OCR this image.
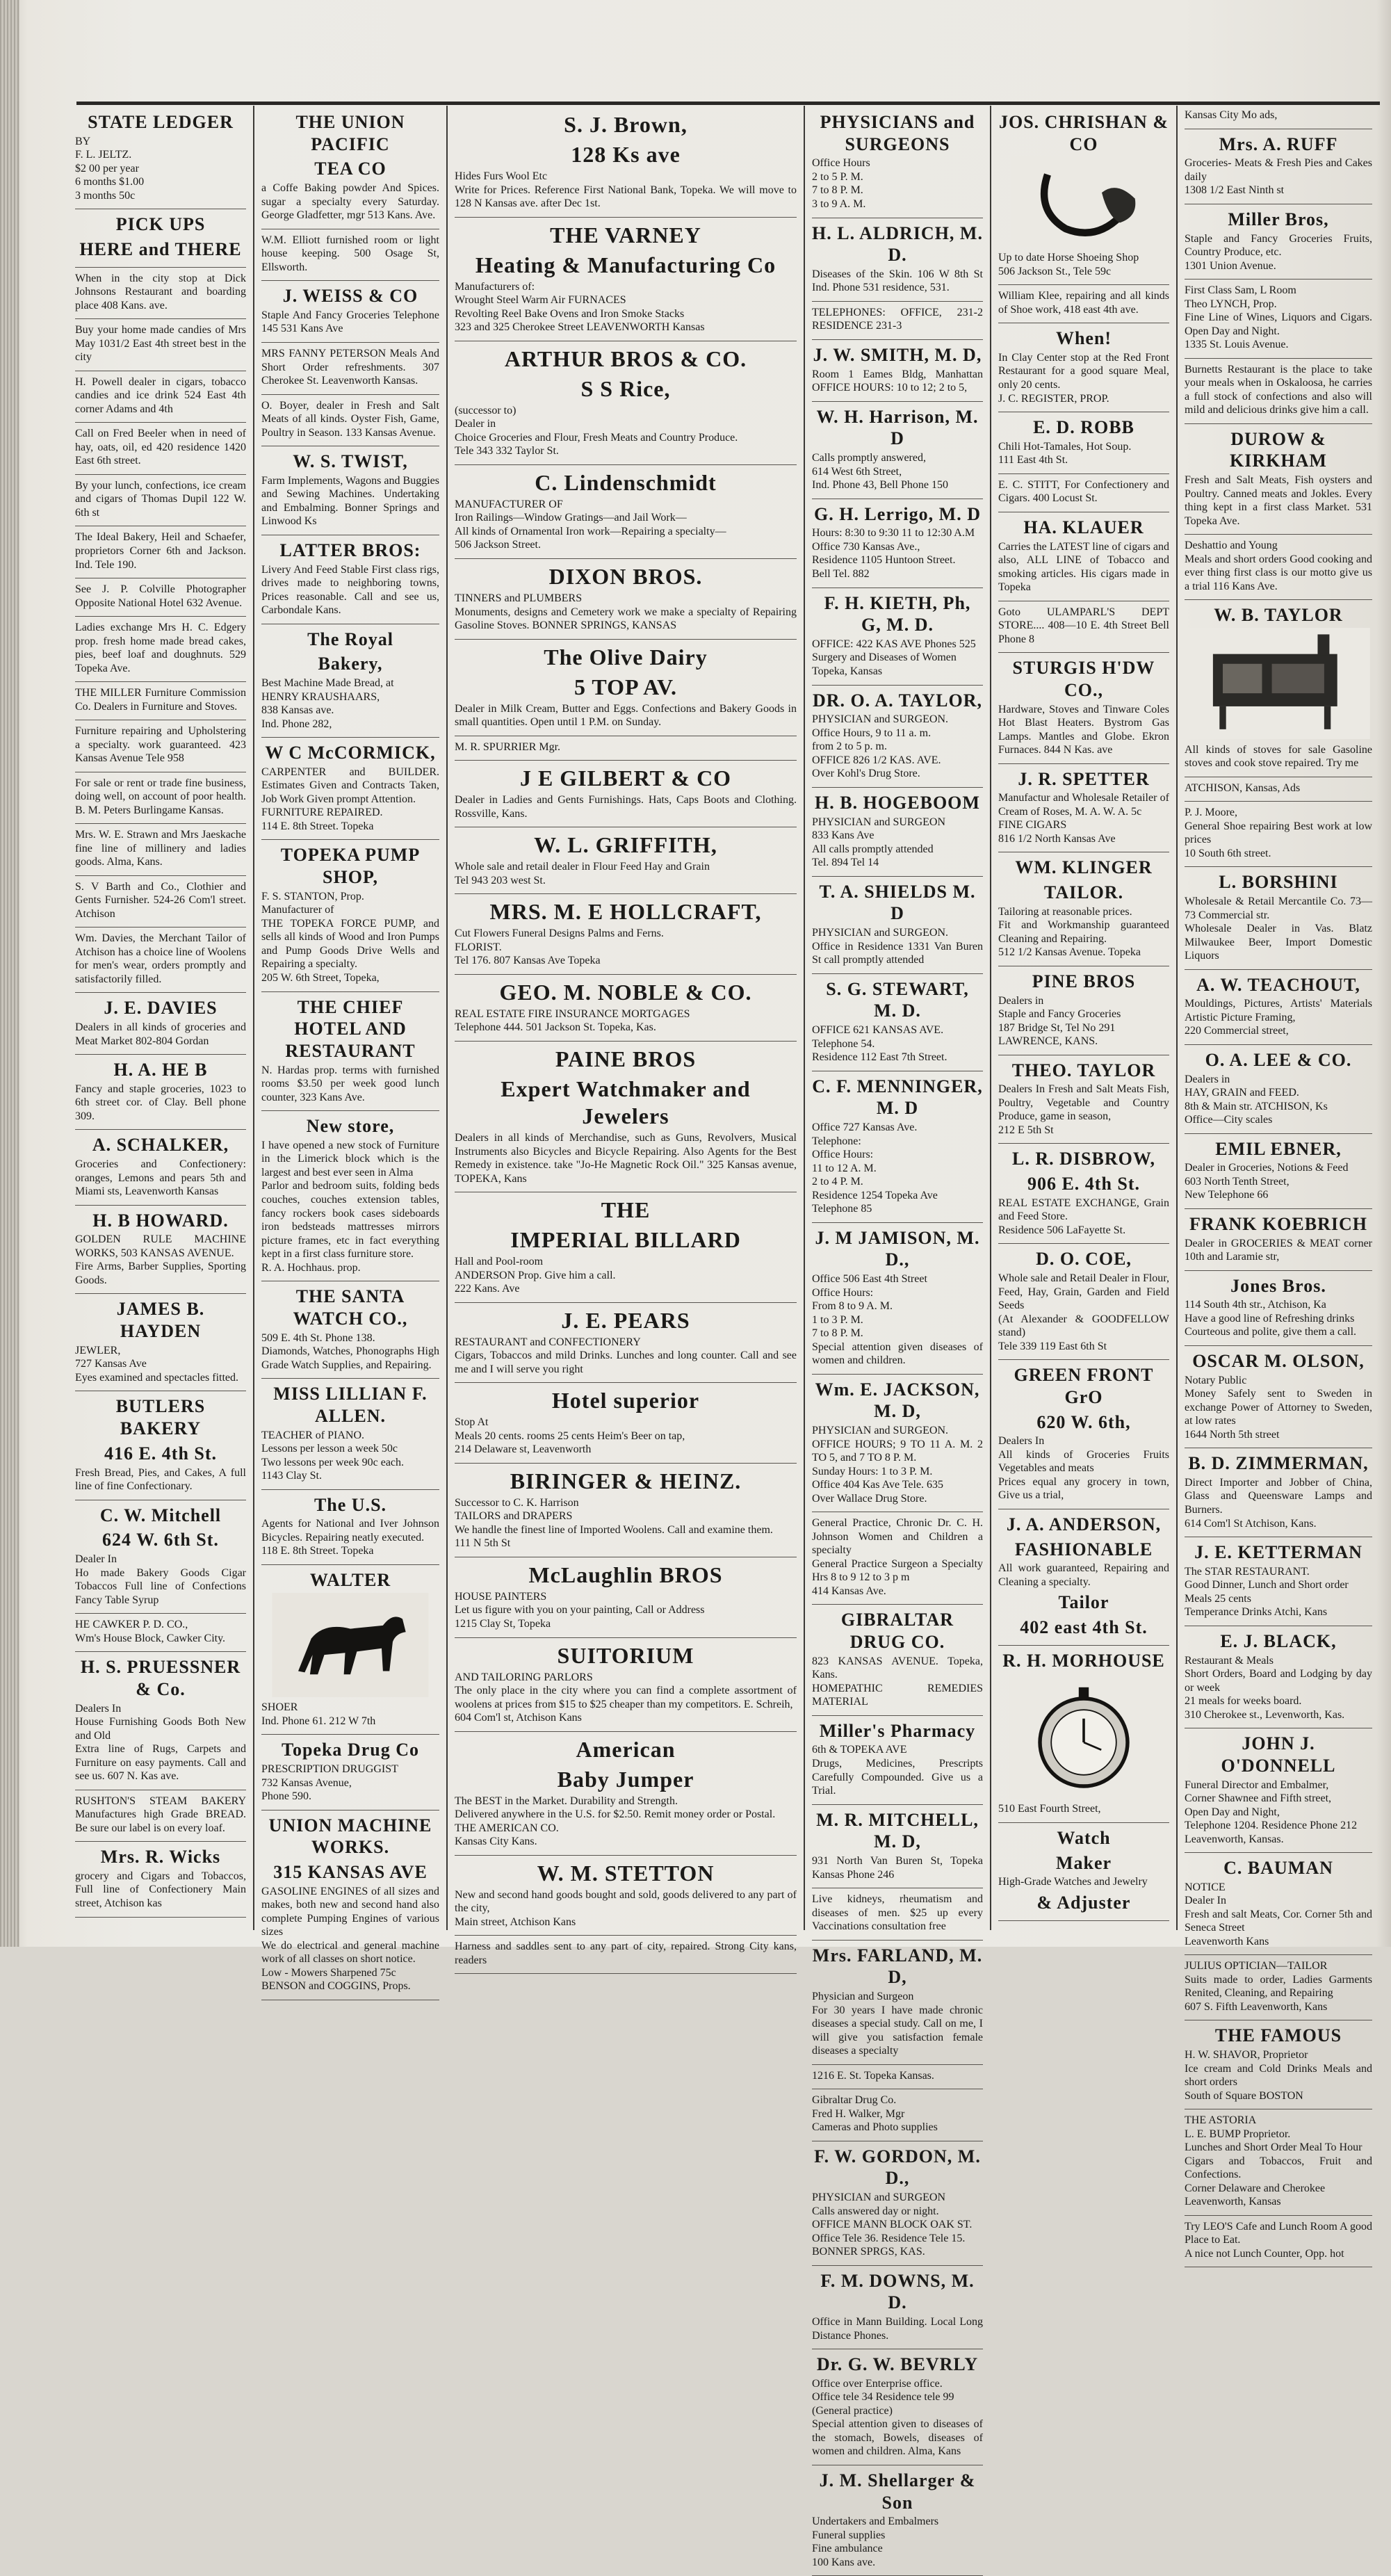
STATE LEDGER

BY

F. L. JELTZ.

$2 00 per year

6 months $1.00

3 months 50c

PICK UPS
HERE and THERE

When in the city stop at Dick Johnsons Restaurant and boarding place 408 Kans. ave.

Buy your home made candies of Mrs May 1031/2 East 4th street best in the city

H. Powell dealer in cigars, tobacco candies and ice drink 524 East 4th corner Adams and 4th

Call on Fred Beeler when in need of hay, oats, oil, ed 420 residence 1420 East 6th street.

By your lunch, confections, ice cream and cigars of Thomas Dupil 122 W. 6th st

The Ideal Bakery, Heil and Schaefer, proprietors Corner 6th and Jackson. Ind. Tele 190.

See J. P. Colville Photographer Opposite National Hotel 632 Avenue.

Ladies exchange Mrs H. C. Edgery prop. fresh home made bread cakes, pies, beef loaf and doughnuts. 529 Topeka Ave.

THE MILLER Furniture Commission Co. Dealers in Furniture and Stoves.

Furniture repairing and Upholstering a specialty. work guaranteed. 423 Kansas Avenue Tele 958

For sale or rent or trade fine business, doing well, on account of poor health. B. M. Peters Burlingame Kansas.

Mrs. W. E. Strawn and Mrs Jaeskache fine line of millinery and ladies goods. Alma, Kans.

S. V Barth and Co., Clothier and Gents Furnisher. 524-26 Com'l street. Atchison

Wm. Davies, the Merchant Tailor of Atchison has a choice line of Woolens for men's wear, orders promptly and satisfactorily filled.

J. E. DAVIES

Dealers in all kinds of groceries and Meat Market 802-804 Gordan

H. A. HE B

Fancy and staple groceries, 1023 to 6th street cor. of Clay. Bell phone 309.

A. SCHALKER,

Groceries and Confectionery: oranges, Lemons and pears 5th and Miami sts, Leavenworth Kansas

H. B HOWARD.

GOLDEN RULE MACHINE WORKS, 503 KANSAS AVENUE.

Fire Arms, Barber Supplies, Sporting Goods.

JAMES B. HAYDEN

JEWLER,

727 Kansas Ave

Eyes examined and spectacles fitted.

BUTLERS BAKERY
416 E. 4th St.

Fresh Bread, Pies, and Cakes, A full line of fine Confectionary.

C. W. Mitchell
624 W. 6th St.

Dealer In

Ho made Bakery Goods Cigar Tobaccos Full line of Confections Fancy Table Syrup

HE CAWKER P. D. CO.,

Wm's House Block, Cawker City.

H. S. PRUESSNER & Co.

Dealers In

House Furnishing Goods Both New and Old

Extra line of Rugs, Carpets and Furniture on easy payments. Call and see us. 607 N. Kas ave.

RUSHTON'S STEAM BAKERY Manufactures high Grade BREAD. Be sure our label is on every loaf.

Mrs. R. Wicks

grocery and Cigars and Tobaccos, Full line of Confectionery Main street, Atchison kas

THE UNION PACIFIC
TEA CO

a Coffe Baking powder And Spices. sugar a specialty every Saturday. George Gladfetter, mgr 513 Kans. Ave.

W.M. Elliott furnished room or light house keeping. 500 Osage St, Ellsworth.

J. WEISS & CO

Staple And Fancy Groceries Telephone 145 531 Kans Ave

MRS FANNY PETERSON Meals And Short Order refreshments. 307 Cherokee St. Leavenworth Kansas.

O. Boyer, dealer in Fresh and Salt Meats of all kinds. Oyster Fish, Game, Poultry in Season. 133 Kansas Avenue.

W. S. TWIST,

Farm Implements, Wagons and Buggies and Sewing Machines. Undertaking and Embalming. Bonner Springs and Linwood Ks

LATTER BROS:

Livery And Feed Stable First class rigs, drives made to neighboring towns, Prices reasonable. Call and see us, Carbondale Kans.

The Royal
Bakery,

Best Machine Made Bread, at

HENRY KRAUSHAARS,

838 Kansas ave.

Ind. Phone 282,

W C McCORMICK,

CARPENTER and BUILDER. Estimates Given and Contracts Taken, Job Work Given prompt Attention.

FURNITURE REPAIRED.

114 E. 8th Street. Topeka

TOPEKA PUMP SHOP,

F. S. STANTON, Prop.

Manufacturer of

THE TOPEKA FORCE PUMP, and sells all kinds of Wood and Iron Pumps and Pump Goods Drive Wells and Repairing a specialty.

205 W. 6th Street, Topeka,

THE CHIEF HOTEL AND RESTAURANT

N. Hardas prop. terms with furnished rooms $3.50 per week good lunch counter, 323 Kans Ave.

New store,

I have opened a new stock of Furniture in the Limerick block which is the largest and best ever seen in Alma

Parlor and bedroom suits, folding beds couches, couches extension tables, fancy rockers book cases sideboards iron bedsteads mattresses mirrors picture frames, etc in fact everything kept in a first class furniture store.

R. A. Hochhaus. prop.

THE SANTA WATCH CO.,

509 E. 4th St. Phone 138.

Diamonds, Watches, Phonographs High Grade Watch Supplies, and Repairing.

MISS LILLIAN F. ALLEN.

TEACHER of PIANO.

Lessons per lesson a week 50c

Two lessons per week 90c each.

1143 Clay St.

The U.S.

Agents for National and Iver Johnson Bicycles. Repairing neatly executed.

118 E. 8th Street. Topeka

WALTER

SHOER

Ind. Phone 61. 212 W 7th

Topeka Drug Co

PRESCRIPTION DRUGGIST

732 Kansas Avenue,

Phone 590.

UNION MACHINE WORKS.
315 KANSAS AVE

GASOLINE ENGINES of all sizes and makes, both new and second hand also complete Pumping Engines of various sizes

We do electrical and general machine work of all classes on short notice.

Low - Mowers Sharpened 75c

BENSON and COGGINS, Props.

S. J. Brown,
128 Ks ave

Hides Furs Wool Etc

Write for Prices. Reference First National Bank, Topeka. We will move to 128 N Kansas ave. after Dec 1st.

THE VARNEY
Heating & Manufacturing Co

Manufacturers of:

Wrought Steel Warm Air FURNACES

Revolting Reel Bake Ovens and Iron Smoke Stacks

323 and 325 Cherokee Street LEAVENWORTH Kansas

ARTHUR BROS & CO.
S S Rice,

(successor to)

Dealer in

Choice Groceries and Flour, Fresh Meats and Country Produce.

Tele 343 332 Taylor St.

C. Lindenschmidt

MANUFACTURER OF

Iron Railings—Window Gratings—and Jail Work—

All kinds of Ornamental Iron work—Repairing a specialty—

506 Jackson Street.

DIXON BROS.

TINNERS and PLUMBERS

Monuments, designs and Cemetery work we make a specialty of Repairing Gasoline Stoves. BONNER SPRINGS, KANSAS

The Olive Dairy
5 TOP AV.

Dealer in Milk Cream, Butter and Eggs. Confections and Bakery Goods in small quantities. Open until 1 P.M. on Sunday.

M. R. SPURRIER Mgr.

J E GILBERT & CO

Dealer in Ladies and Gents Furnishings. Hats, Caps Boots and Clothing. Rossville, Kans.

W. L. GRIFFITH,

Whole sale and retail dealer in Flour Feed Hay and Grain

Tel 943 203 west St.

MRS. M. E HOLLCRAFT,

Cut Flowers Funeral Designs Palms and Ferns.

FLORIST.

Tel 176. 807 Kansas Ave Topeka

GEO. M. NOBLE & CO.

REAL ESTATE FIRE INSURANCE MORTGAGES

Telephone 444. 501 Jackson St. Topeka, Kas.

PAINE BROS
Expert Watchmaker and Jewelers

Dealers in all kinds of Merchandise, such as Guns, Revolvers, Musical Instruments also Bicycles and Bicycle Repairing. Also Agents for the Best Remedy in existence. take "Jo-He Magnetic Rock Oil." 325 Kansas avenue, TOPEKA, Kans

THE
IMPERIAL BILLARD

Hall and Pool-room

ANDERSON Prop. Give him a call.

222 Kans. Ave

J. E. PEARS

RESTAURANT and CONFECTIONERY

Cigars, Tobaccos and mild Drinks. Lunches and long counter. Call and see me and I will serve you right

Hotel superior

Stop At

Meals 20 cents. rooms 25 cents Heim's Beer on tap,

214 Delaware st, Leavenworth

BIRINGER & HEINZ.

Successor to C. K. Harrison

TAILORS and DRAPERS

We handle the finest line of Imported Woolens. Call and examine them.

111 N 5th St

McLaughlin BROS

HOUSE PAINTERS

Let us figure with you on your painting, Call or Address

1215 Clay St, Topeka

SUITORIUM

AND TAILORING PARLORS

The only place in the city where you can find a complete assortment of woolens at prices from $15 to $25 cheaper than my competitors. E. Schreih,

604 Com'l st, Atchison Kans

American
Baby Jumper

The BEST in the Market. Durability and Strength.

Delivered anywhere in the U.S. for $2.50. Remit money order or Postal.

THE AMERICAN CO.

Kansas City Kans.

W. M. STETTON

New and second hand goods bought and sold, goods delivered to any part of the city,

Main street, Atchison Kans

Harness and saddles sent to any part of city, repaired. Strong City kans, readers

PHYSICIANS and SURGEONS

Office Hours

2 to 5 P. M.

7 to 8 P. M.

3 to 9 A. M.

H. L. ALDRICH, M. D.

Diseases of the Skin. 106 W 8th St Ind. Phone 531 residence, 531.

TELEPHONES: OFFICE, 231-2 RESIDENCE 231-3

J. W. SMITH, M. D,

Room 1 Eames Bldg, Manhattan OFFICE HOURS: 10 to 12; 2 to 5,

W. H. Harrison, M. D

Calls promptly answered,

614 West 6th Street,

Ind. Phone 43, Bell Phone 150

G. H. Lerrigo, M. D

Hours: 8:30 to 9:30 11 to 12:30 A.M

Office 730 Kansas Ave.,

Residence 1105 Huntoon Street.

Bell Tel. 882

F. H. KIETH, Ph, G, M. D.

OFFICE: 422 KAS AVE Phones 525

Surgery and Diseases of Women

Topeka, Kansas

DR. O. A. TAYLOR,

PHYSICIAN and SURGEON.

Office Hours, 9 to 11 a. m.

from 2 to 5 p. m.

OFFICE 826 1/2 KAS. AVE.

Over Kohl's Drug Store.

H. B. HOGEBOOM

PHYSICIAN and SURGEON

833 Kans Ave

All calls promptly attended

Tel. 894 Tel 14

T. A. SHIELDS M. D

PHYSICIAN and SURGEON.

Office in Residence 1331 Van Buren St call promptly attended

S. G. STEWART, M. D.

OFFICE 621 KANSAS AVE.

Telephone 54.

Residence 112 East 7th Street.

C. F. MENNINGER, M. D

Office 727 Kansas Ave.

Telephone:

Office Hours:

11 to 12 A. M.

2 to 4 P. M.

Residence 1254 Topeka Ave

Telephone 85

J. M JAMISON, M. D.,

Office 506 East 4th Street

Office Hours:

From 8 to 9 A. M.

1 to 3 P. M.

7 to 8 P. M.

Special attention given diseases of women and children.

Wm. E. JACKSON, M. D,

PHYSICIAN and SURGEON.

OFFICE HOURS; 9 TO 11 A. M. 2 TO 5, and 7 TO 8 P. M.

Sunday Hours: 1 to 3 P. M.

Office 404 Kas Ave Tele. 635

Over Wallace Drug Store.

General Practice, Chronic Dr. C. H. Johnson Women and Children a specialty

General Practice Surgeon a Specialty Hrs 8 to 9 12 to 3 p m

414 Kansas Ave.

GIBRALTAR DRUG CO.

823 KANSAS AVENUE. Topeka, Kans.

HOMEPATHIC REMEDIES MATERIAL

Miller's Pharmacy

6th & TOPEKA AVE

Drugs, Medicines, Prescripts Carefully Compounded. Give us a Trial.

M. R. MITCHELL, M. D,

931 North Van Buren St, Topeka Kansas Phone 246

Live kidneys, rheumatism and diseases of men. $25 up every Vaccinations consultation free

Mrs. FARLAND, M. D,

Physician and Surgeon

For 30 years I have made chronic diseases a special study. Call on me, I will give you satisfaction female diseases a specialty

1216 E. St. Topeka Kansas.

Gibraltar Drug Co.

Fred H. Walker, Mgr

Cameras and Photo supplies

F. W. GORDON, M. D.,

PHYSICIAN and SURGEON

Calls answered day or night.

OFFICE MANN BLOCK OAK ST.

Office Tele 36. Residence Tele 15.

BONNER SPRGS, KAS.

F. M. DOWNS, M. D.

Office in Mann Building. Local Long Distance Phones.

Dr. G. W. BEVRLY

Office over Enterprise office.

Office tele 34 Residence tele 99

(General practice)

Special attention given to diseases of the stomach, Bowels, diseases of women and children. Alma, Kans

J. M. Shellarger & Son

Undertakers and Embalmers

Funeral supplies

Fine ambulance

100 Kans ave.

JOS. CHRISHAN & CO

Up to date Horse Shoeing Shop

506 Jackson St., Tele 59c

William Klee, repairing and all kinds of Shoe work, 418 east 4th ave.

When!

In Clay Center stop at the Red Front Restaurant for a good square Meal, only 20 cents.

J. C. REGISTER, PROP.

E. D. ROBB

Chili Hot-Tamales, Hot Soup.

111 East 4th St.

E. C. STITT, For Confectionery and Cigars. 400 Locust St.

HA. KLAUER

Carries the LATEST line of cigars and also, ALL LINE of Tobacco and smoking articles. His cigars made in Topeka

Goto ULAMPARL'S DEPT STORE.... 408—10 E. 4th Street Bell Phone 8

STURGIS H'DW CO.,

Hardware, Stoves and Tinware Coles Hot Blast Heaters. Bystrom Gas Lamps. Mantles and Globe. Ekron Furnaces. 844 N Kas. ave

J. R. SPETTER

Manufactur and Wholesale Retailer of Cream of Roses, M. A. W. A. 5c

FINE CIGARS

816 1/2 North Kansas Ave

WM. KLINGER
TAILOR.

Tailoring at reasonable prices.

Fit and Workmanship guaranteed Cleaning and Repairing.

512 1/2 Kansas Avenue. Topeka

PINE BROS

Dealers in

Staple and Fancy Groceries

187 Bridge St, Tel No 291

LAWRENCE, KANS.

THEO. TAYLOR

Dealers In Fresh and Salt Meats Fish, Poultry, Vegetable and Country Produce, game in season,

212 E 5th St

L. R. DISBROW,
906 E. 4th St.

REAL ESTATE EXCHANGE, Grain and Feed Store.

Residence 506 LaFayette St.

D. O. COE,

Whole sale and Retail Dealer in Flour, Feed, Hay, Grain, Garden and Field Seeds

(At Alexander & GOODFELLOW stand)

Tele 339 119 East 6th St

GREEN FRONT GrO
620 W. 6th,

Dealers In

All kinds of Groceries Fruits Vegetables and meats

Prices equal any grocery in town, Give us a trial,

J. A. ANDERSON,
FASHIONABLE

All work guaranteed, Repairing and Cleaning a specialty.

Tailor
402 east 4th St.
R. H. MORHOUSE

510 East Fourth Street,

Watch
Maker

High-Grade Watches and Jewelry

& Adjuster

Kansas City Mo ads,

Mrs. A. RUFF

Groceries- Meats & Fresh Pies and Cakes daily

1308 1/2 East Ninth st

Miller Bros,

Staple and Fancy Groceries Fruits, Country Produce, etc.

1301 Union Avenue.

First Class Sam, L Room

Theo LYNCH, Prop.

Fine Line of Wines, Liquors and Cigars. Open Day and Night.

1335 St. Louis Avenue.

Burnetts Restaurant is the place to take your meals when in Oskaloosa, he carries a full stock of confections and also will mild and delicious drinks give him a call.

DUROW & KIRKHAM

Fresh and Salt Meats, Fish oysters and Poultry. Canned meats and Jokles. Every thing kept in a first class Market. 531 Topeka Ave.

Deshattio and Young

Meals and short orders Good cooking and ever thing first class is our motto give us a trial 116 Kans Ave.

W. B. TAYLOR

All kinds of stoves for sale Gasoline stoves and cook stove repaired. Try me

ATCHISON, Kansas, Ads

P. J. Moore,

General Shoe repairing Best work at low prices

10 South 6th street.

L. BORSHINI

Wholesale & Retail Mercantile Co. 73—73 Commercial str.

Wholesale Dealer in Vas. Blatz Milwaukee Beer, Import Domestic Liquors

A. W. TEACHOUT,

Mouldings, Pictures, Artists' Materials Artistic Picture Framing,

220 Commercial street,

O. A. LEE & CO.

Dealers in

HAY, GRAIN and FEED.

8th & Main str. ATCHISON, Ks

Office—City scales

EMIL EBNER,

Dealer in Groceries, Notions & Feed

603 North Tenth Street,

New Telephone 66

FRANK KOEBRICH

Dealer in GROCERIES & MEAT corner 10th and Laramie str,

Jones Bros.

114 South 4th str., Atchison, Ka

Have a good line of Refreshing drinks

Courteous and polite, give them a call.

OSCAR M. OLSON,

Notary Public

Money Safely sent to Sweden in exchange Power of Attorney to Sweden, at low rates

1644 North 5th street

B. D. ZIMMERMAN,

Direct Importer and Jobber of China, Glass and Queensware Lamps and Burners.

614 Com'l St Atchison, Kans.

J. E. KETTERMAN

The STAR RESTAURANT.

Good Dinner, Lunch and Short order

Meals 25 cents

Temperance Drinks Atchi, Kans

E. J. BLACK,

Restaurant & Meals

Short Orders, Board and Lodging by day or week

21 meals for weeks board.

310 Cherokee st., Levenworth, Kas.

JOHN J. O'DONNELL

Funeral Director and Embalmer,

Corner Shawnee and Fifth street,

Open Day and Night,

Telephone 1204. Residence Phone 212

Leavenworth, Kansas.

C. BAUMAN

NOTICE

Dealer In

Fresh and salt Meats, Cor. Corner 5th and Seneca Street

Leavenworth Kans

JULIUS OPTICIAN—TAILOR

Suits made to order, Ladies Garments Renited, Cleaning, and Repairing

607 S. Fifth Leavenworth, Kans

THE FAMOUS

H. W. SHAVOR, Proprietor

Ice cream and Cold Drinks Meals and short orders

South of Square BOSTON

THE ASTORIA

L. E. BUMP Proprietor.

Lunches and Short Order Meal To Hour

Cigars and Tobaccos, Fruit and Confections.

Corner Delaware and Cherokee

Leavenworth, Kansas

Try LEO'S Cafe and Lunch Room A good Place to Eat.

A nice not Lunch Counter, Opp. hot
